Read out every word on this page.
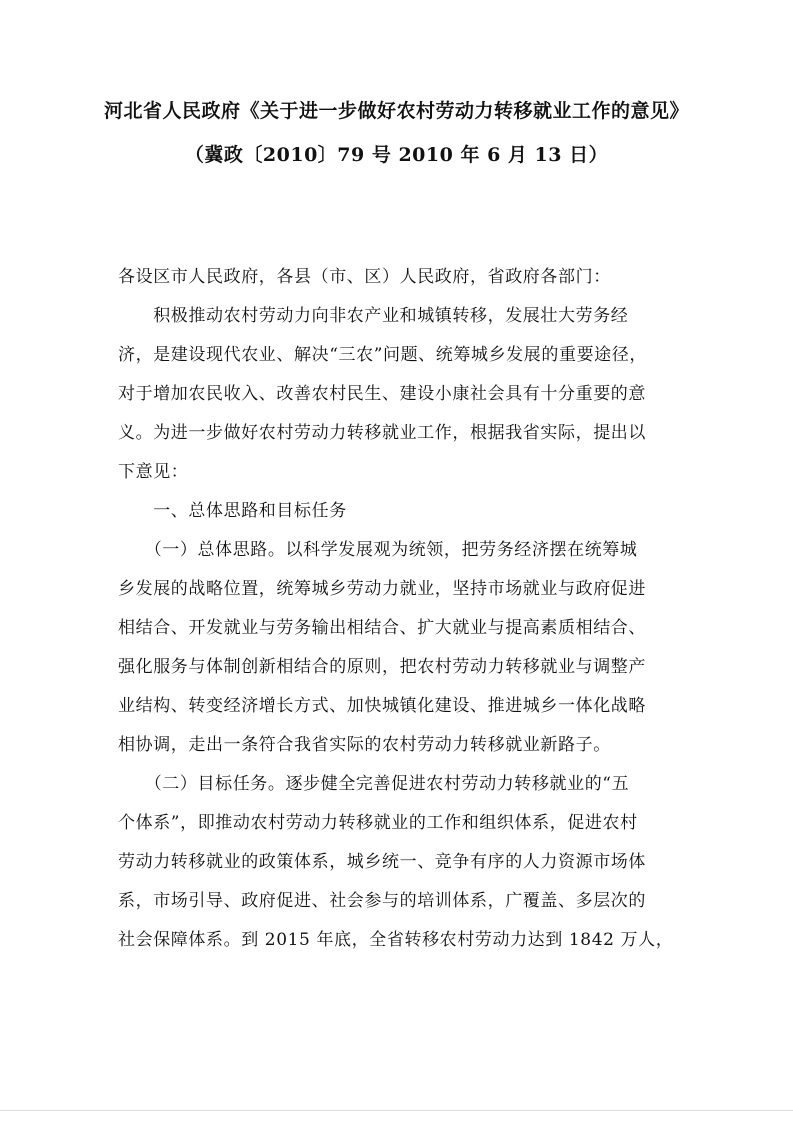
河北省人民政府《关于进一步做好农村劳动力转移就业工作的意见》
（冀政〔2010〕79 号 2010 年 6 月 13 日）
各设区市人民政府，各县（市、区）人民政府，省政府各部门：
　　积极推动农村劳动力向非农产业和城镇转移，发展壮大劳务经
济，是建设现代农业、解决“三农”问题、统筹城乡发展的重要途径，
对于增加农民收入、改善农村民生、建设小康社会具有十分重要的意
义。为进一步做好农村劳动力转移就业工作，根据我省实际，提出以
下意见：
　　一、总体思路和目标任务
　　（一）总体思路。以科学发展观为统领，把劳务经济摆在统筹城
乡发展的战略位置，统筹城乡劳动力就业，坚持市场就业与政府促进
相结合、开发就业与劳务输出相结合、扩大就业与提高素质相结合、
强化服务与体制创新相结合的原则，把农村劳动力转移就业与调整产
业结构、转变经济增长方式、加快城镇化建设、推进城乡一体化战略
相协调，走出一条符合我省实际的农村劳动力转移就业新路子。
　　（二）目标任务。逐步健全完善促进农村劳动力转移就业的“五
个体系”，即推动农村劳动力转移就业的工作和组织体系，促进农村
劳动力转移就业的政策体系，城乡统一、竞争有序的人力资源市场体
系，市场引导、政府促进、社会参与的培训体系，广覆盖、多层次的
社会保障体系。到 2015 年底，全省转移农村劳动力达到 1842 万人，
